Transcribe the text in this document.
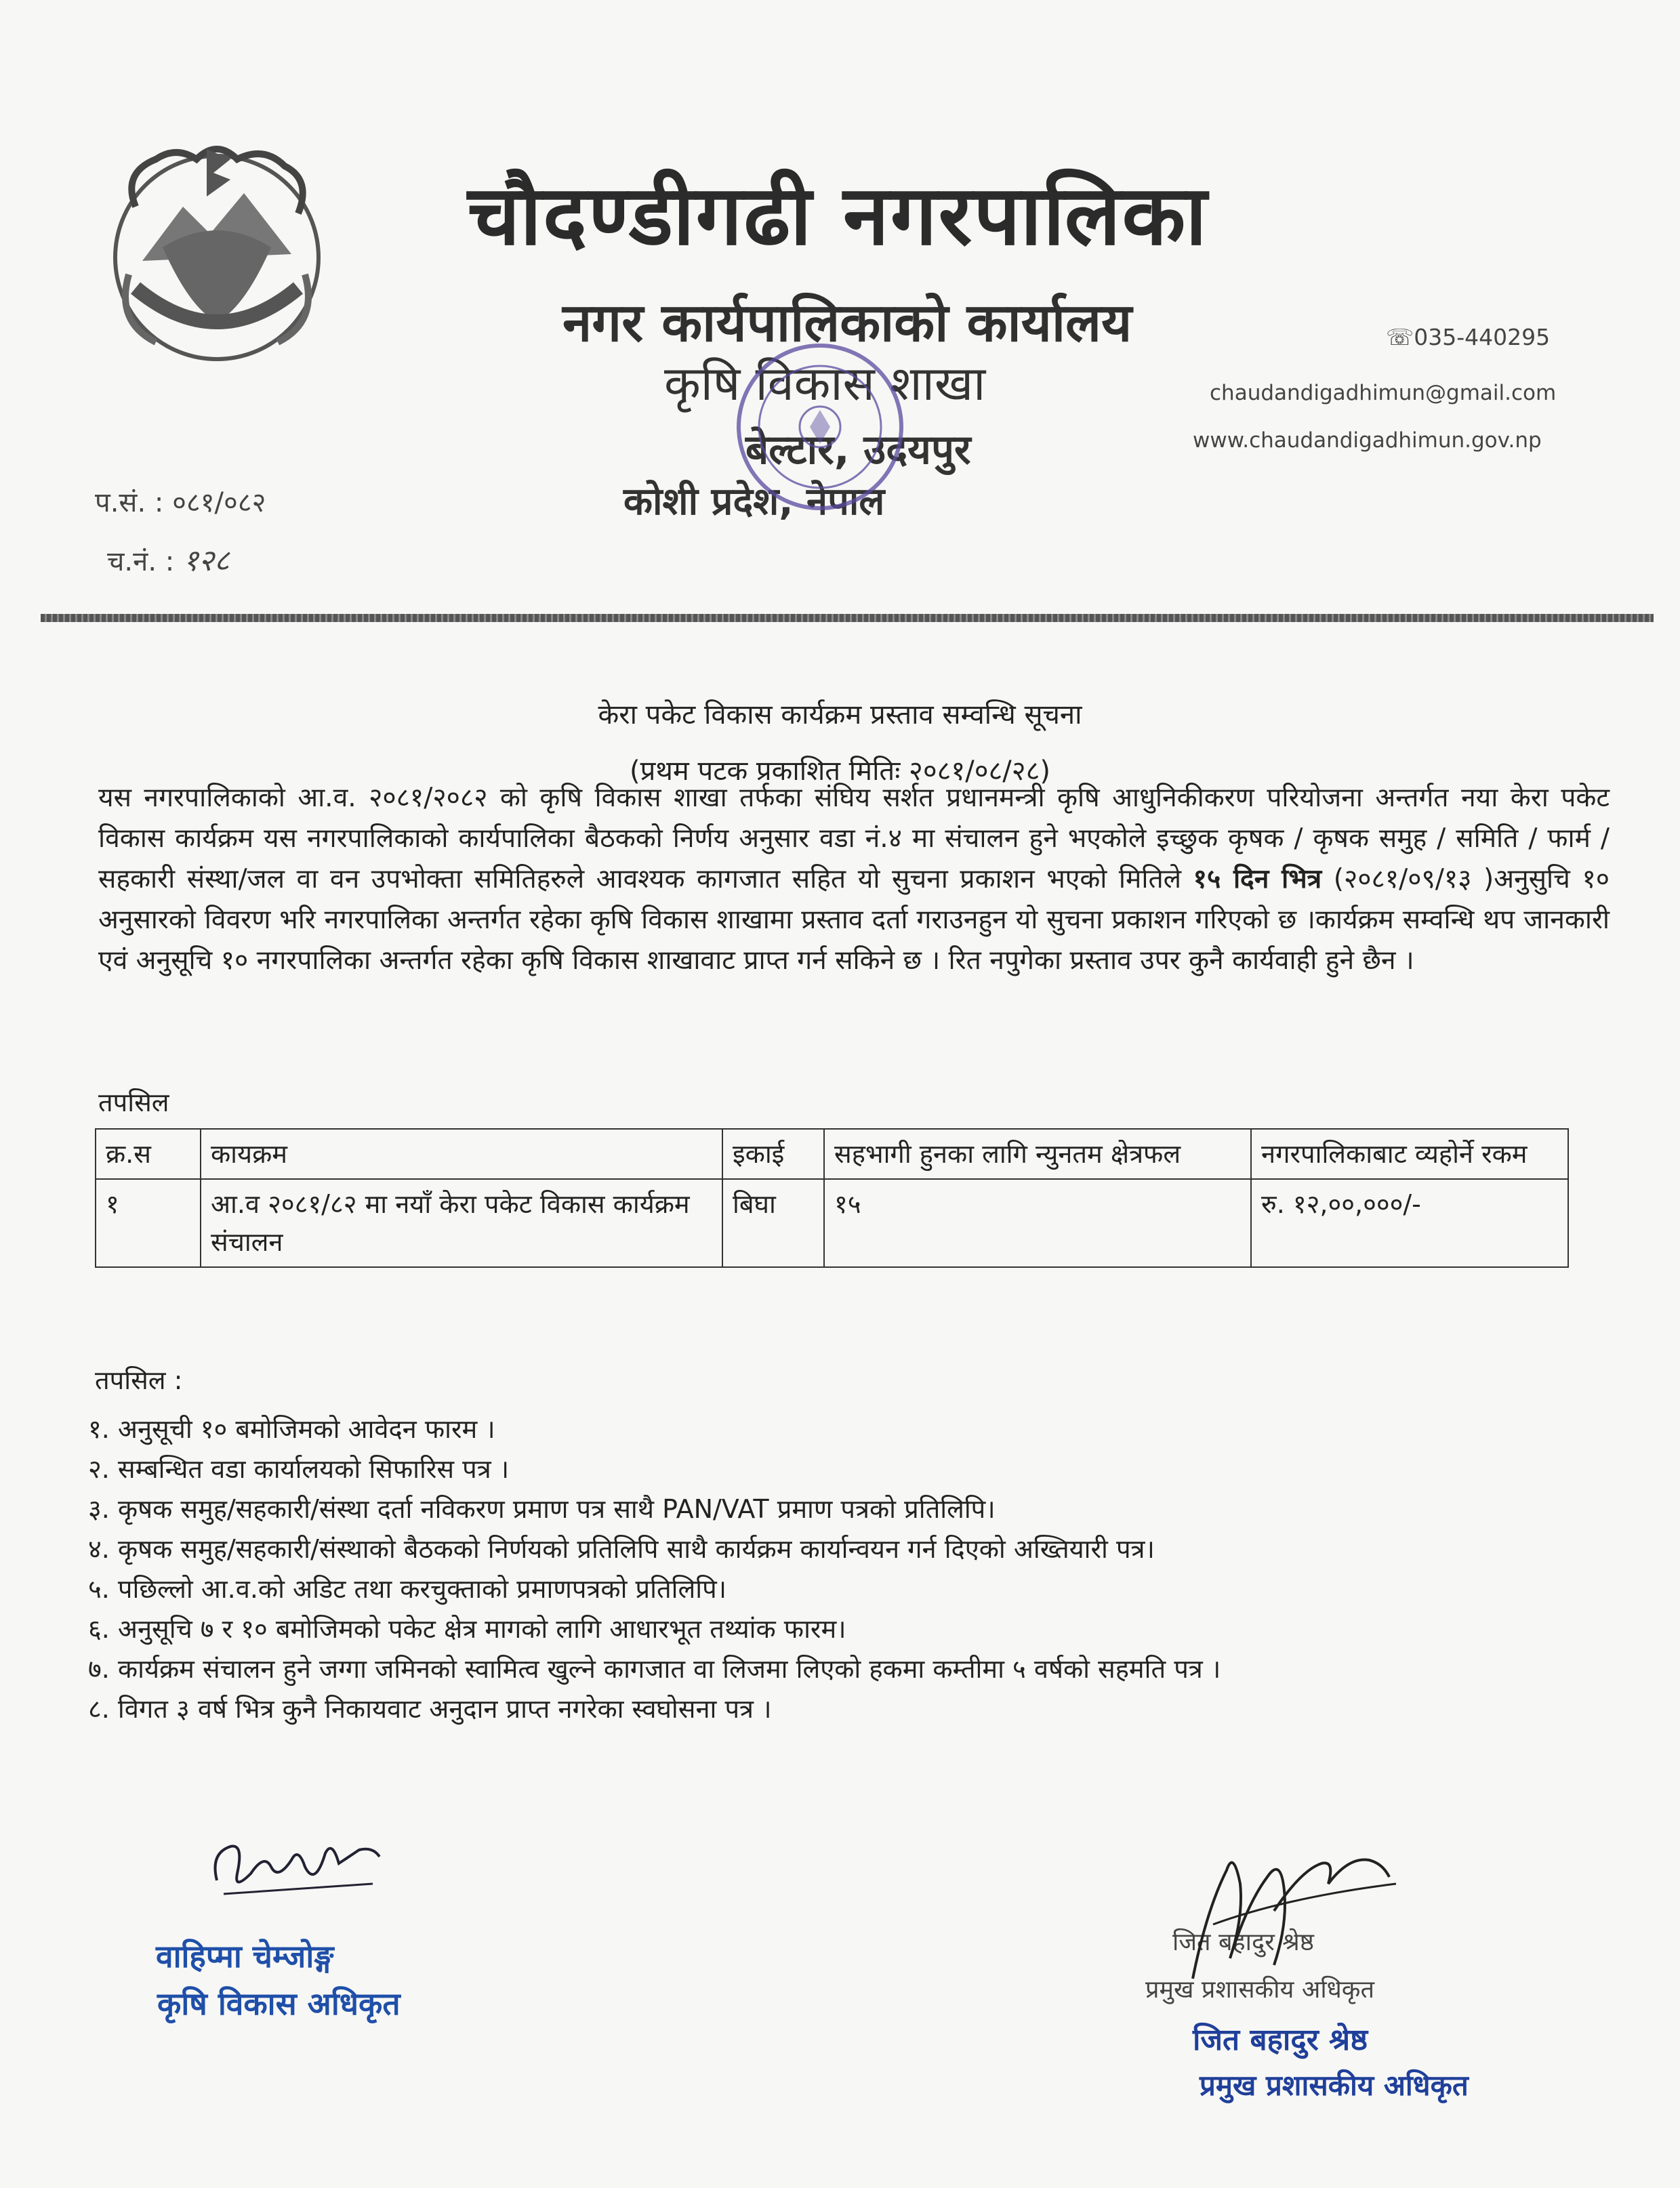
चौदण्डीगढी नगरपालिका
नगर कार्यपालिकाको कार्यालय
कृषि विकास शाखा
बेल्टार, उदयपुर
कोशी प्रदेश, नेपाल
☏035-440295
chaudandigadhimun@gmail.com
www.chaudandigadhimun.gov.np
प.सं. : ०८१/०८२
च.नं. : १२८
केरा पकेट विकास कार्यक्रम प्रस्ताव सम्वन्धि सूचना
(प्रथम पटक प्रकाशित मितिः २०८१/०८/२८)
यस नगरपालिकाको आ.व. २०८१/२०८२ को कृषि विकास शाखा तर्फका संघिय सर्शत प्रधानमन्त्री कृषि आधुनिकीकरण परियोजना अन्तर्गत नया केरा पकेट विकास कार्यक्रम यस नगरपालिकाको कार्यपालिका बैठकको निर्णय अनुसार वडा नं.४ मा संचालन हुने भएकोले इच्छुक कृषक / कृषक समुह / समिति / फार्म / सहकारी संस्था/जल वा वन उपभोक्ता समितिहरुले आवश्यक कागजात सहित यो सुचना प्रकाशन भएको मितिले १५ दिन भित्र (२०८१/०९/१३ )अनुसुचि १० अनुसारको विवरण भरि नगरपालिका अन्तर्गत रहेका कृषि विकास शाखामा प्रस्ताव दर्ता गराउनहुन यो सुचना प्रकाशन गरिएको छ ।कार्यक्रम सम्वन्धि थप जानकारी एवं अनुसूचि १० नगरपालिका अन्तर्गत रहेका कृषि विकास शाखावाट प्राप्त गर्न सकिने छ । रित नपुगेका प्रस्ताव उपर कुनै कार्यवाही हुने छैन ।
तपसिल
क्र.स	कायक्रम	इकाई	सहभागी हुनका लागि न्युनतम क्षेत्रफल	नगरपालिकाबाट व्यहोर्ने रकम
१	आ.व २०८१/८२ मा नयाँ केरा पकेट विकास कार्यक्रम संचालन	बिघा	१५	रु. १२,००,०००/-
तपसिल :
१. अनुसूची १० बमोजिमको आवेदन फारम ।
२. सम्बन्धित वडा कार्यालयको सिफारिस पत्र ।
३. कृषक समुह/सहकारी/संस्था दर्ता नविकरण प्रमाण पत्र साथै PAN/VAT प्रमाण पत्रको प्रतिलिपि।
४. कृषक समुह/सहकारी/संस्थाको बैठकको निर्णयको प्रतिलिपि साथै कार्यक्रम कार्यान्वयन गर्न दिएको अख्तियारी पत्र।
५. पछिल्लो आ.व.को अडिट तथा करचुक्ताको प्रमाणपत्रको प्रतिलिपि।
६. अनुसूचि ७ र १० बमोजिमको पकेट क्षेत्र मागको लागि आधारभूत तथ्यांक फारम।
७. कार्यक्रम संचालन हुने जग्गा जमिनको स्वामित्व खुल्ने कागजात वा लिजमा लिएको हकमा कम्तीमा ५ वर्षको सहमति पत्र ।
८. विगत ३ वर्ष भित्र कुनै निकायवाट अनुदान प्राप्त नगरेका स्वघोसना पत्र ।
वाहिप्मा चेम्जोङ्ग
कृषि विकास अधिकृत
जित बहादुर श्रेष्ठ
प्रमुख प्रशासकीय अधिकृत
जित बहादुर श्रेष्ठ
प्रमुख प्रशासकीय अधिकृत
